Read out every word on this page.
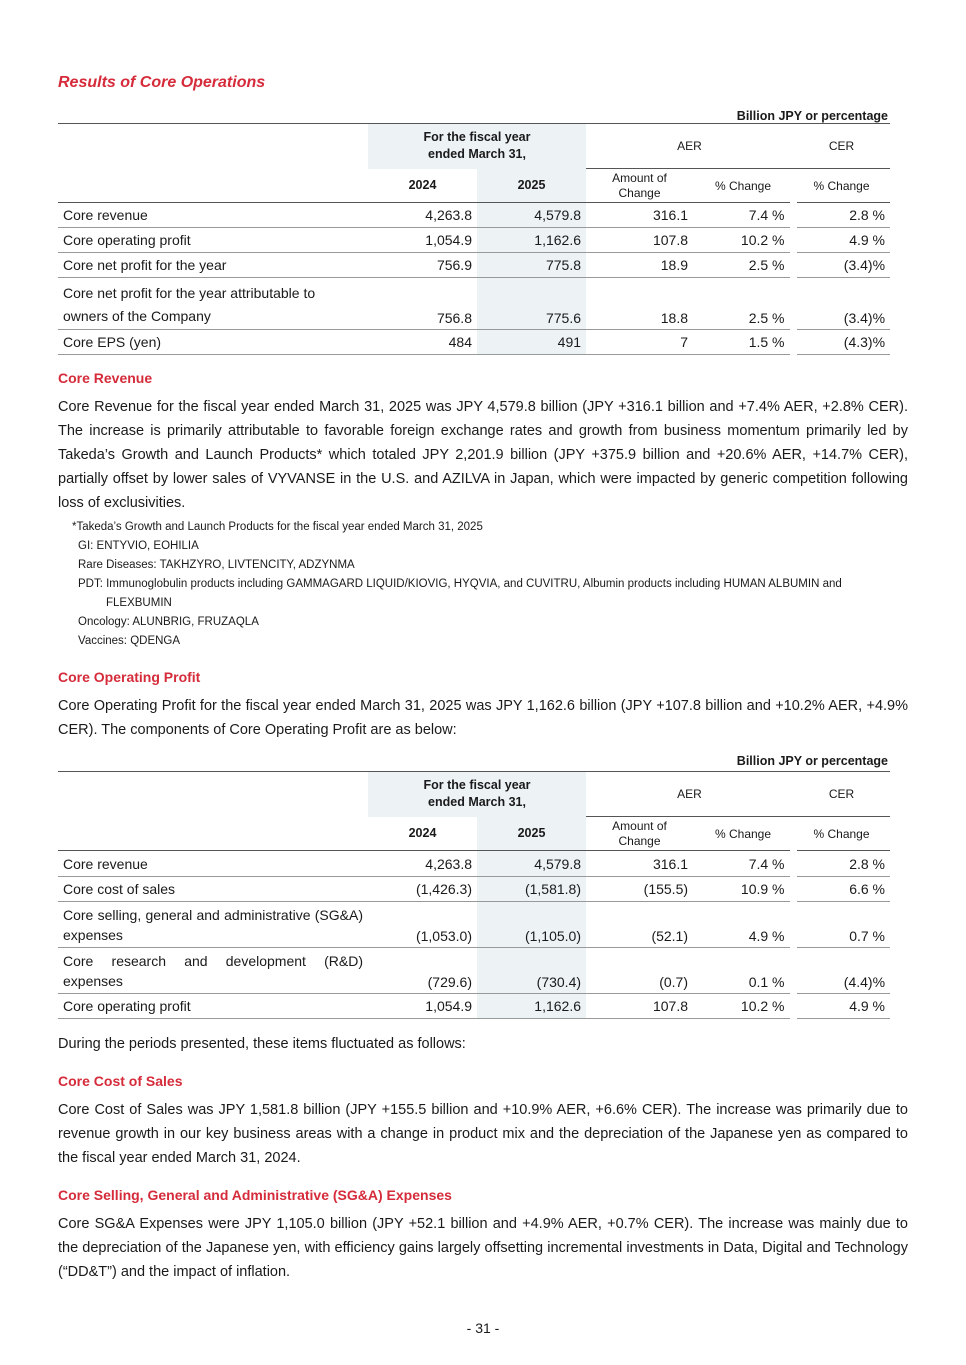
Results of Core Operations
Billion JPY or percentage
	For the fiscal year ended March 31,		AER		CER
	2024	2025	Amount of Change	% Change	% Change
Core revenue	4,263.8	4,579.8	316.1	7.4 %	2.8 %
Core operating profit	1,054.9	1,162.6	107.8	10.2 %	4.9 %
Core net profit for the year	756.9	775.8	18.9	2.5 %	(3.4)%
Core net profit for the year attributable to owners of the Company	756.8	775.6	18.8	2.5 %	(3.4)%
Core EPS (yen)	484	491	7	1.5 %	(4.3)%
Core Revenue
Core Revenue for the fiscal year ended March 31, 2025 was JPY 4,579.8 billion (JPY +316.1 billion and +7.4% AER, +2.8% CER). The increase is primarily attributable to favorable foreign exchange rates and growth from business momentum primarily led by Takeda’s Growth and Launch Products* which totaled JPY 2,201.9 billion (JPY +375.9 billion and +20.6% AER, +14.7% CER), partially offset by lower sales of VYVANSE in the U.S. and AZILVA in Japan, which were impacted by generic competition following loss of exclusivities.
*Takeda’s Growth and Launch Products for the fiscal year ended March 31, 2025
GI: ENTYVIO, EOHILIA
Rare Diseases: TAKHZYRO, LIVTENCITY, ADZYNMA
PDT: Immunoglobulin products including GAMMAGARD LIQUID/KIOVIG, HYQVIA, and CUVITRU, Albumin products including HUMAN ALBUMIN and
FLEXBUMIN
Oncology: ALUNBRIG, FRUZAQLA
Vaccines: QDENGA
Core Operating Profit
Core Operating Profit for the fiscal year ended March 31, 2025 was JPY 1,162.6 billion (JPY +107.8 billion and +10.2% AER, +4.9% CER). The components of Core Operating Profit are as below:
Billion JPY or percentage
	For the fiscal year ended March 31,		AER		CER
	2024	2025	Amount of Change	% Change	% Change
Core revenue	4,263.8	4,579.8	316.1	7.4 %	2.8 %
Core cost of sales	(1,426.3)	(1,581.8)	(155.5)	10.9 %	6.6 %
Core selling, general and administrative (SG&A) expenses	(1,053.0)	(1,105.0)	(52.1)	4.9 %	0.7 %
Core research and development (R&D) expenses	(729.6)	(730.4)	(0.7)	0.1 %	(4.4)%
Core operating profit	1,054.9	1,162.6	107.8	10.2 %	4.9 %
During the periods presented, these items fluctuated as follows:
Core Cost of Sales
Core Cost of Sales was JPY 1,581.8 billion (JPY +155.5 billion and +10.9% AER, +6.6% CER). The increase was primarily due to revenue growth in our key business areas with a change in product mix and the depreciation of the Japanese yen as compared to the fiscal year ended March 31, 2024.
Core Selling, General and Administrative (SG&A) Expenses
Core SG&A Expenses were JPY 1,105.0 billion (JPY +52.1 billion and +4.9% AER, +0.7% CER). The increase was mainly due to the depreciation of the Japanese yen, with efficiency gains largely offsetting incremental investments in Data, Digital and Technology (“DD&T”) and the impact of inflation.
- 31 -
